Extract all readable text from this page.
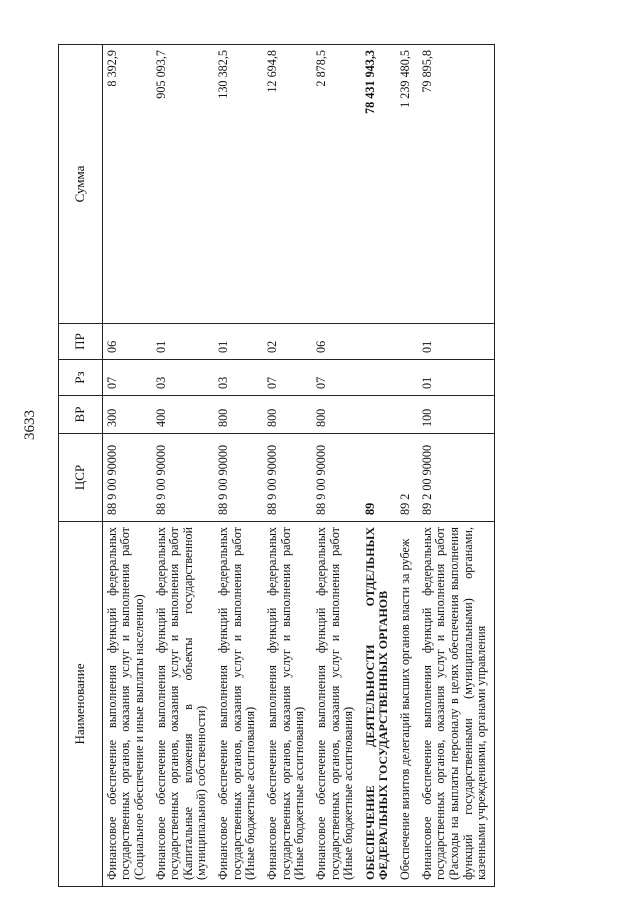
3633
Наименование	ЦСР	ВР	Рз	ПР	Сумма
Финансовое обеспечение выполнения функций федеральных государственных органов, оказания услуг и выполнения работ (Социальное обеспечение и иные выплаты населению)	88 9 00 90000	300	07	06	8 392,9
Финансовое обеспечение выполнения функций федеральных государственных органов, оказания услуг и выполнения работ (Капитальные вложения в объекты государственной (муниципальной) собственности)	88 9 00 90000	400	03	01	905 093,7
Финансовое обеспечение выполнения функций федеральных государственных органов, оказания услуг и выполнения работ (Иные бюджетные ассигнования)	88 9 00 90000	800	03	01	130 382,5
Финансовое обеспечение выполнения функций федеральных государственных органов, оказания услуг и выполнения работ (Иные бюджетные ассигнования)	88 9 00 90000	800	07	02	12 694,8
Финансовое обеспечение выполнения функций федеральных государственных органов, оказания услуг и выполнения работ (Иные бюджетные ассигнования)	88 9 00 90000	800	07	06	2 878,5
ОБЕСПЕЧЕНИЕ ДЕЯТЕЛЬНОСТИ ОТДЕЛЬНЫХ ФЕДЕРАЛЬНЫХ ГОСУДАРСТВЕННЫХ ОРГАНОВ	89				78 431 943,3
Обеспечение визитов делегаций высших органов власти за рубеж	89 2				1 239 480,5
Финансовое обеспечение выполнения функций федеральных государственных органов, оказания услуг и выполнения работ (Расходы на выплаты персоналу в целях обеспечения выполнения функций государственными (муниципальными) органами, казенными учреждениями, органами управления	89 2 00 90000	100	01	01	79 895,8
